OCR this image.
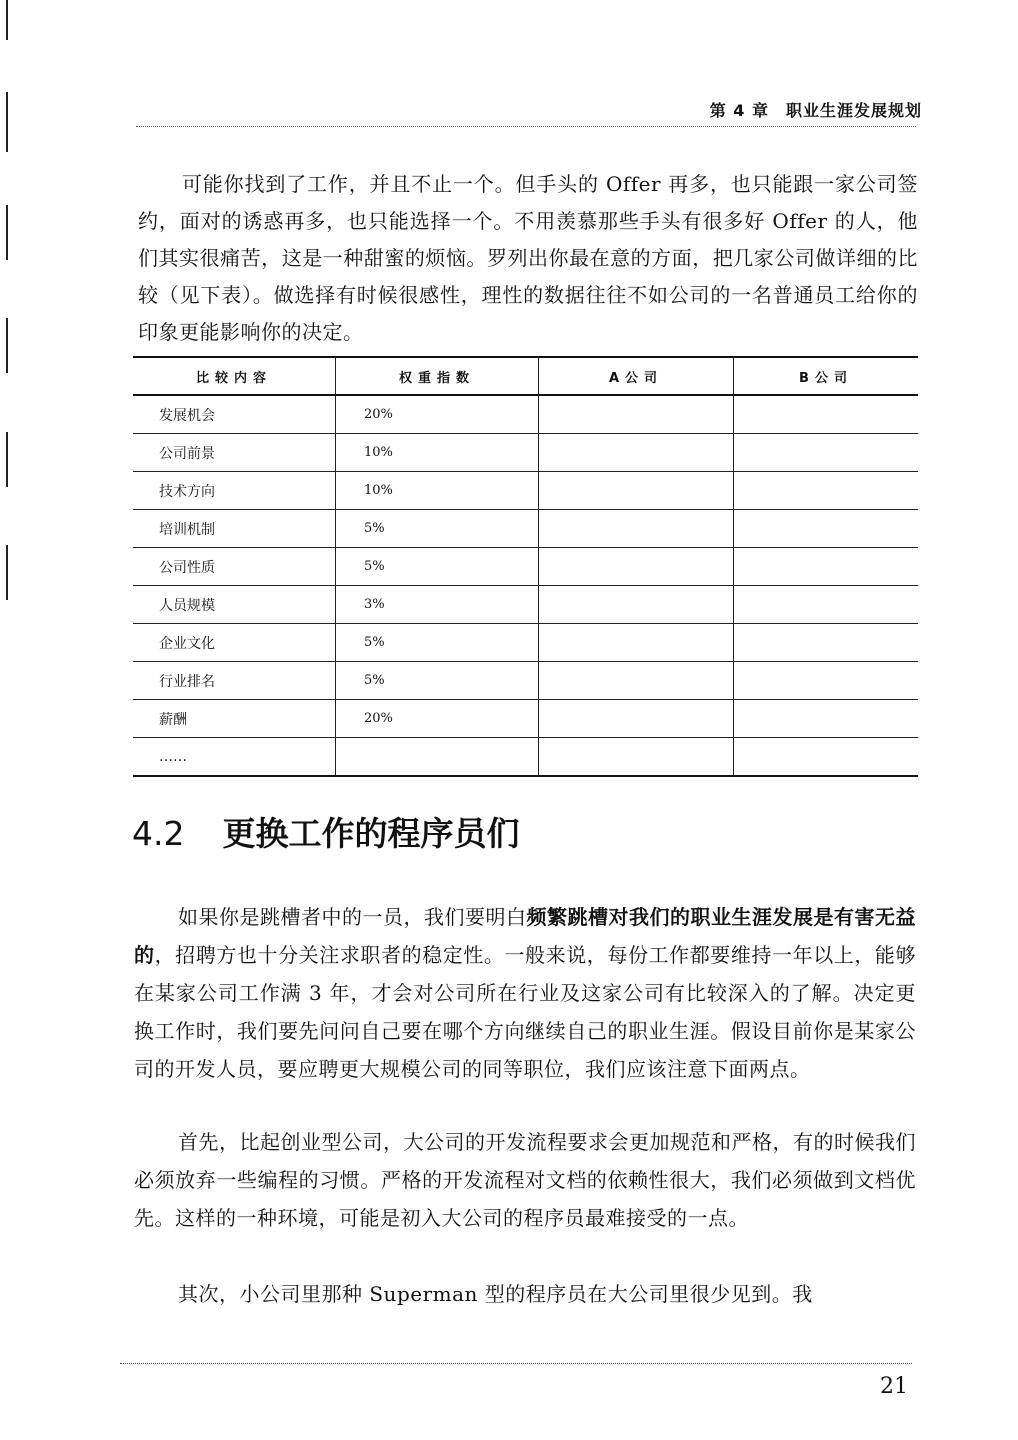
第 4 章　职业生涯发展规划

可能你找到了工作，并且不止一个。但手头的 Offer 再多，也只能跟一家公司签约，面对的诱惑再多，也只能选择一个。不用羡慕那些手头有很多好 Offer 的人，他们其实很痛苦，这是一种甜蜜的烦恼。罗列出你最在意的方面，把几家公司做详细的比较（见下表）。做选择有时候很感性，理性的数据往往不如公司的一名普通员工给你的印象更能影响你的决定。

比较内容	权重指数	A公司	B公司
发展机会	20%		
公司前景	10%		
技术方向	10%		
培训机制	5%		
公司性质	5%		
人员规模	3%		
企业文化	5%		
行业排名	5%		
薪酬	20%		
……			
4.2 更换工作的程序员们

如果你是跳槽者中的一员，我们要明白频繁跳槽对我们的职业生涯发展是有害无益的，招聘方也十分关注求职者的稳定性。一般来说，每份工作都要维持一年以上，能够在某家公司工作满 3 年，才会对公司所在行业及这家公司有比较深入的了解。决定更换工作时，我们要先问问自己要在哪个方向继续自己的职业生涯。假设目前你是某家公司的开发人员，要应聘更大规模公司的同等职位，我们应该注意下面两点。

首先，比起创业型公司，大公司的开发流程要求会更加规范和严格，有的时候我们必须放弃一些编程的习惯。严格的开发流程对文档的依赖性很大，我们必须做到文档优先。这样的一种环境，可能是初入大公司的程序员最难接受的一点。

其次，小公司里那种 Superman 型的程序员在大公司里很少见到。我

21
